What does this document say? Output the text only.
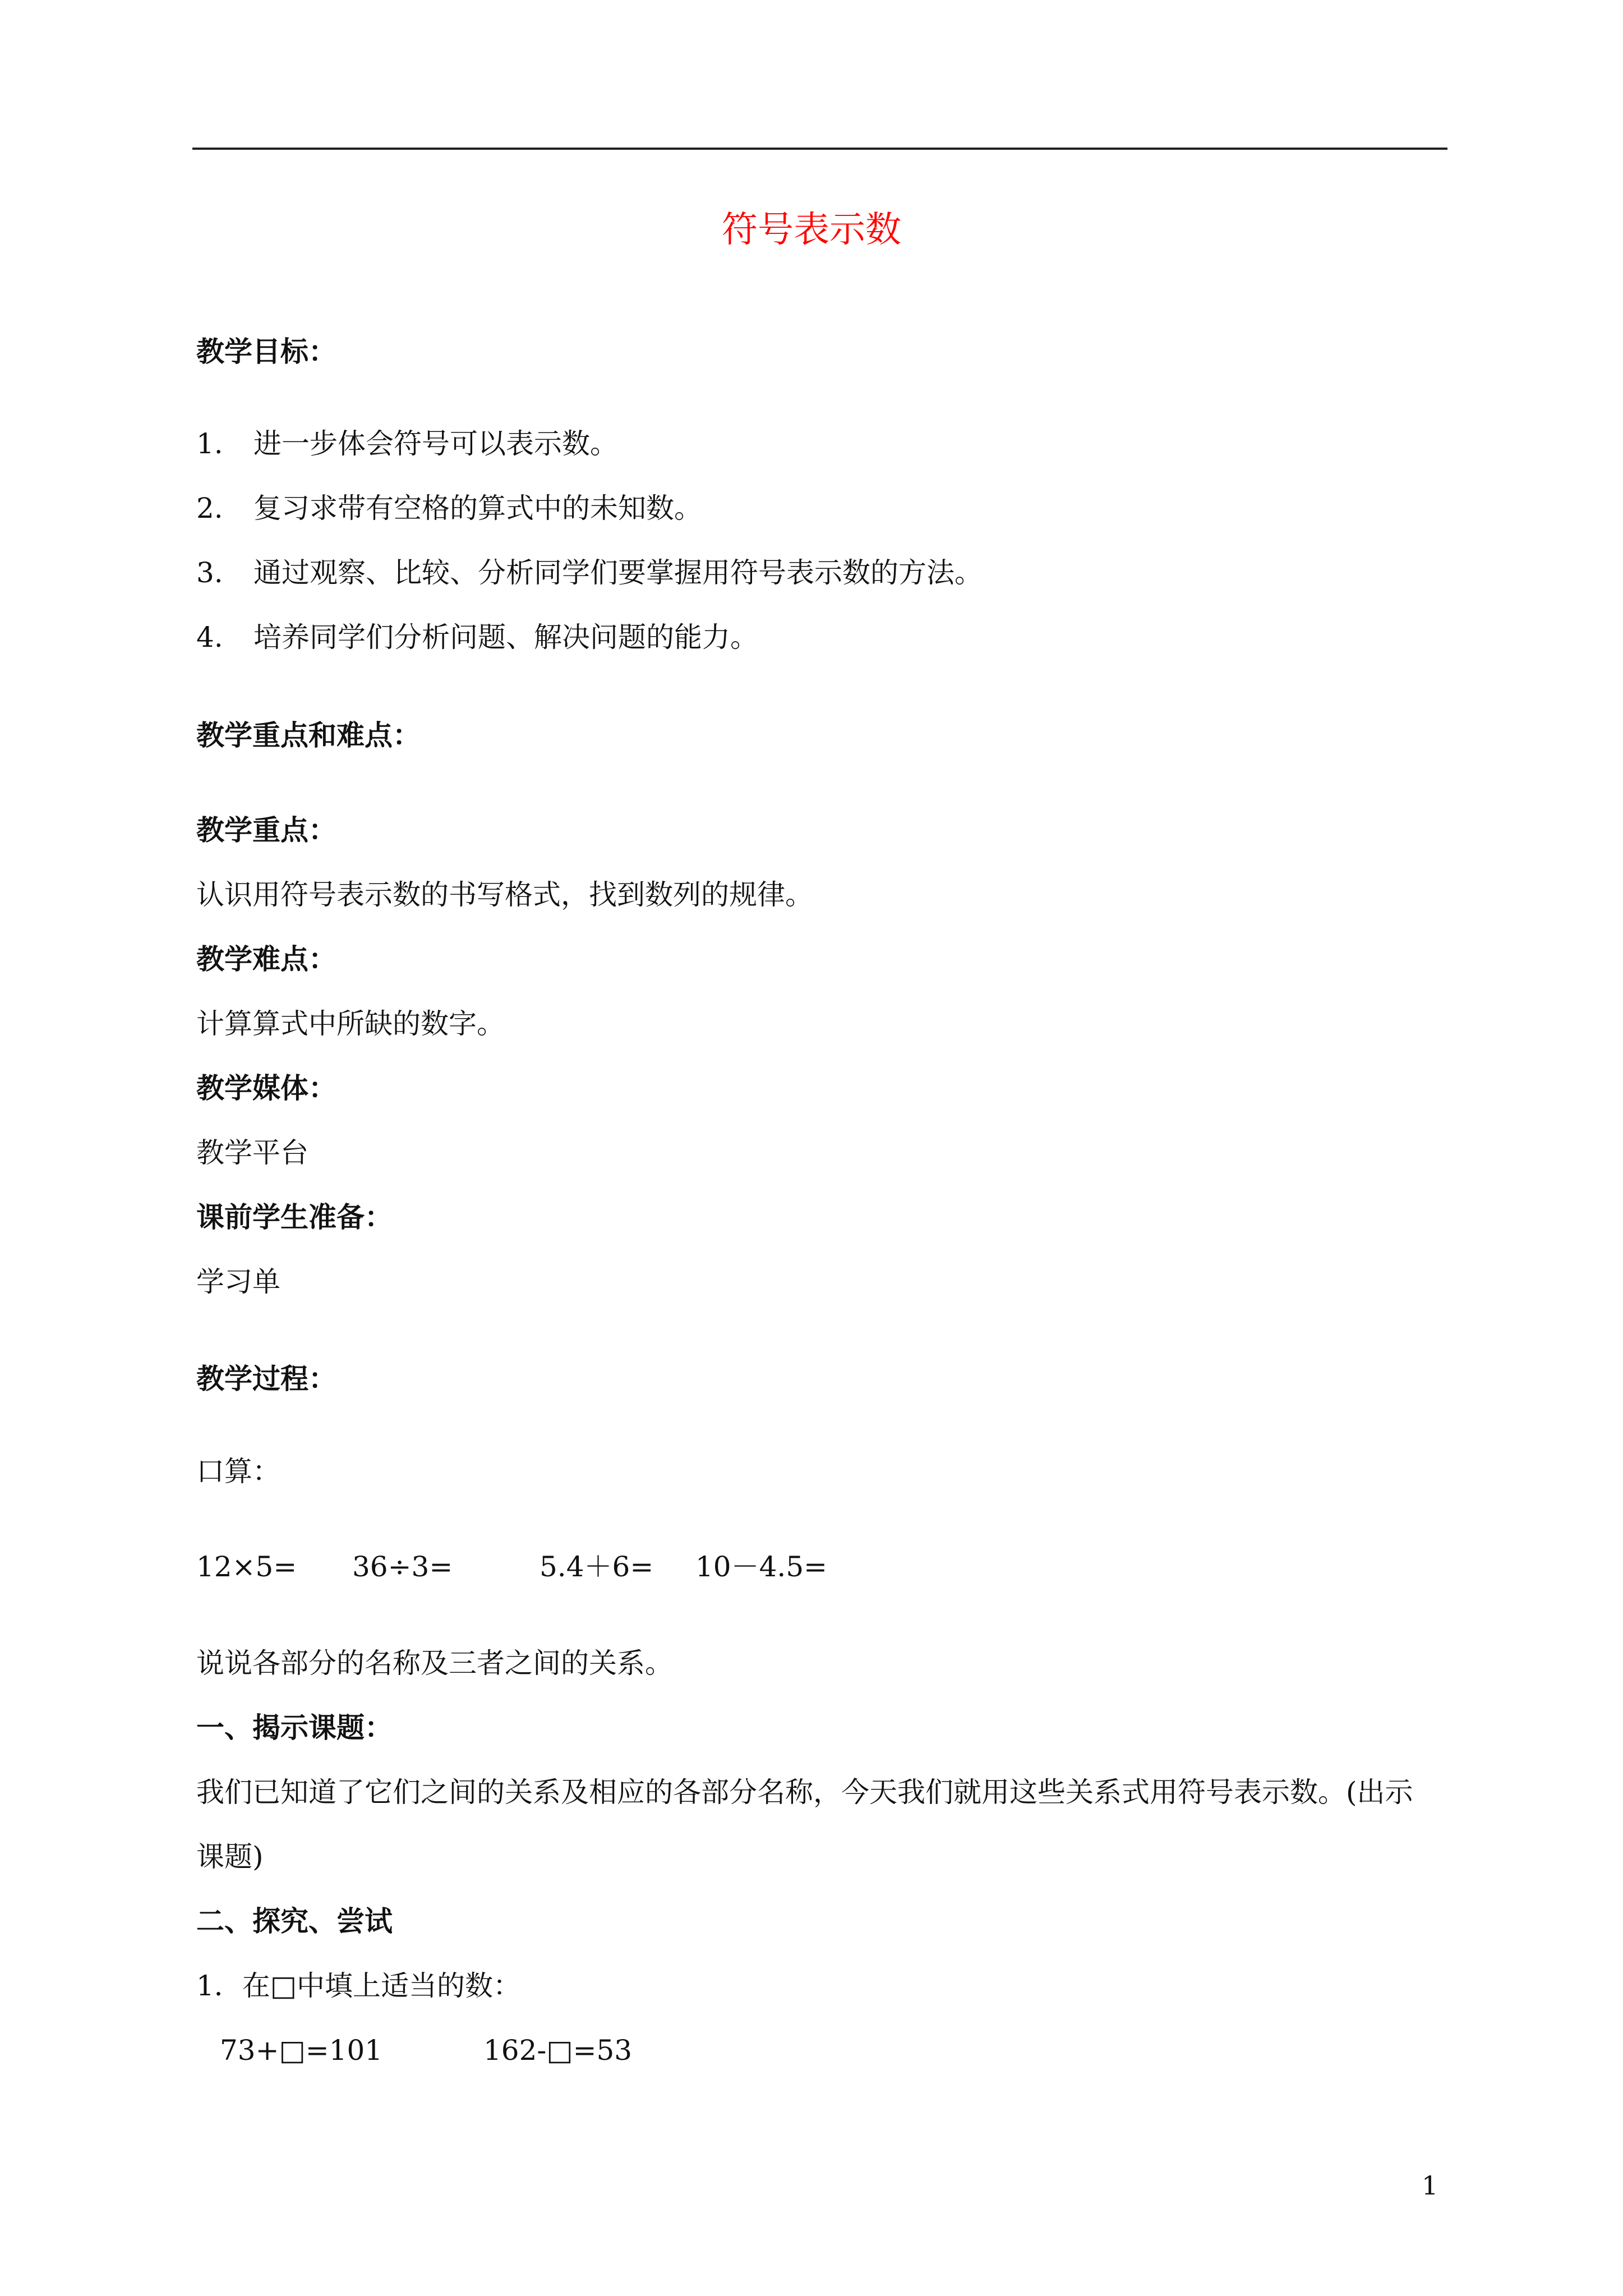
符号表示数
教学目标：
1. 进一步体会符号可以表示数。
2. 复习求带有空格的算式中的未知数。
3. 通过观察、比较、分析同学们要掌握用符号表示数的方法。
4. 培养同学们分析问题、解决问题的能力。
教学重点和难点：
教学重点：
认识用符号表示数的书写格式，找到数列的规律。
教学难点：
计算算式中所缺的数字。
教学媒体：
教学平台
课前学生准备：
学习单
教学过程：
口算：
12×5= 36÷3=	5.4＋6= 10－4.5=
说说各部分的名称及三者之间的关系。
一、揭示课题：
我们已知道了它们之间的关系及相应的各部分名称，今天我们就用这些关系式用符号表示数。(出示
课题)
二、探究、尝试
1．在□中填上适当的数：
73+□=101	162-□=53
1
